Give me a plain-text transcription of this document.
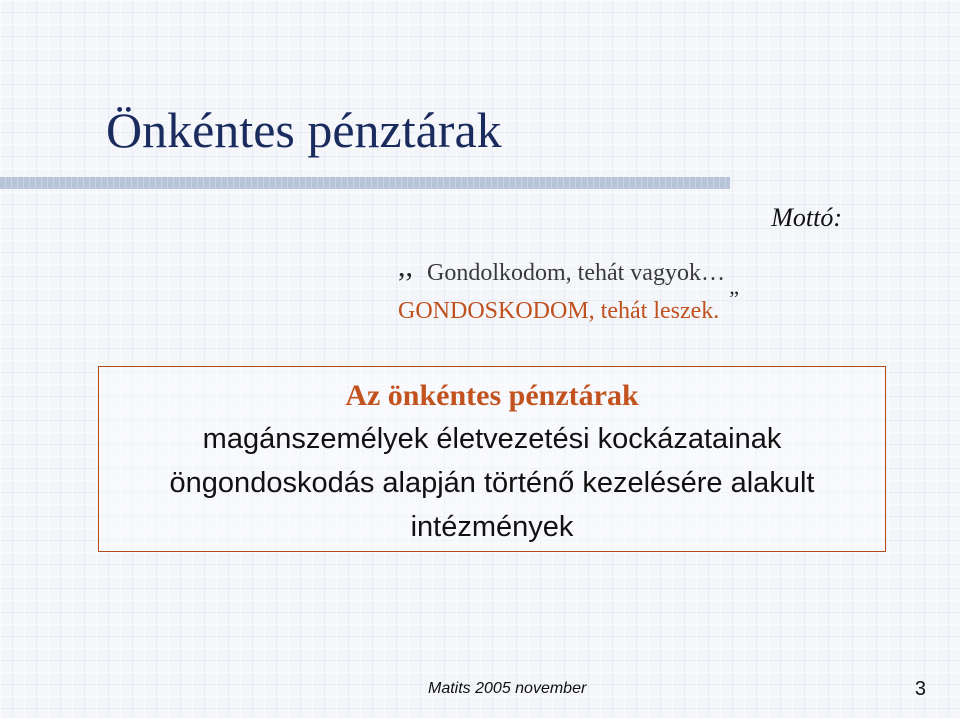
Önkéntes pénztárak
Mottó:
,, Gondolkodom, tehát vagyok…
GONDOSKODOM, tehát leszek. ”
Az önkéntes pénztárak
magánszemélyek életvezetési kockázatainak
öngondoskodás alapján történő kezelésére alakult
intézmények
Matits 2005 november	3
